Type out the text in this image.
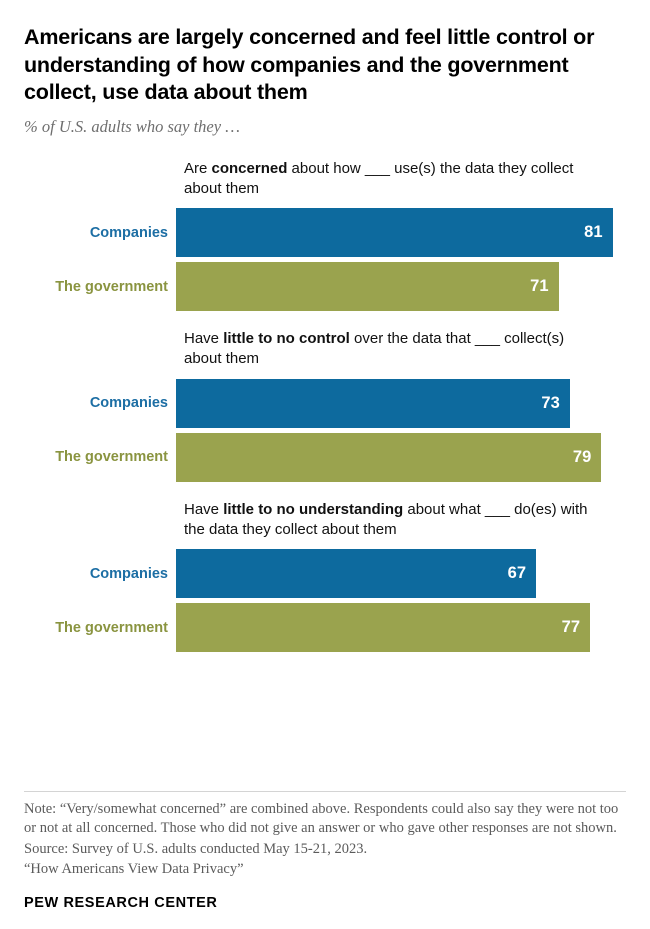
Americans are largely concerned and feel little control or understanding of how companies and the government collect, use data about them
% of U.S. adults who say they …
Are concerned about how ___ use(s) the data they collect about them
Companies	81
The government	71
Have little to no control over the data that ___ collect(s) about them
Companies	73
The government	79
Have little to no understanding about what ___ do(es) with the data they collect about them
Companies	67
The government	77

Note: “Very/somewhat concerned” are combined above. Respondents could also say they were not too or not at all concerned. Those who did not give an answer or who gave other responses are not shown.

Source: Survey of U.S. adults conducted May 15-21, 2023.

“How Americans View Data Privacy”

PEW RESEARCH CENTER
